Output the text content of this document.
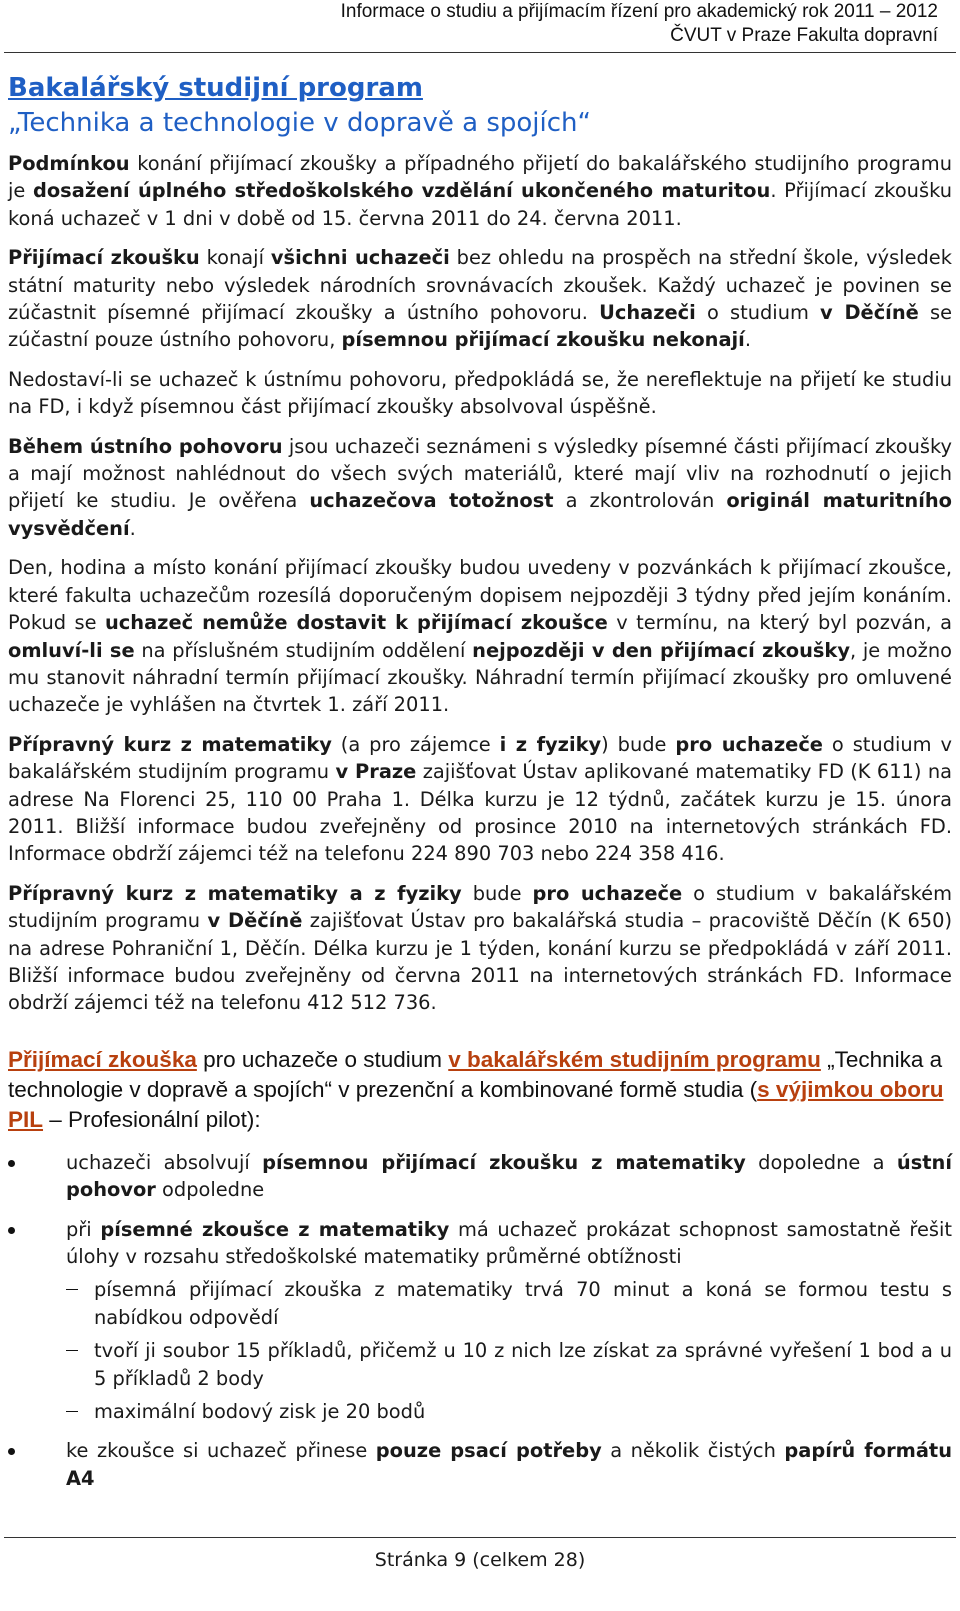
Informace o studiu a přijímacím řízení pro akademický rok 2011 – 2012
ČVUT v Praze Fakulta dopravní
Bakalářský studijní program
„Technika a technologie v dopravě a spojích“

Podmínkou konání přijímací zkoušky a případného přijetí do bakalářského studijního programu je dosažení úplného středoškolského vzdělání ukončeného maturitou. Přijímací zkoušku koná uchazeč v 1 dni v době od 15. června 2011 do 24. června 2011.

Přijímací zkoušku konají všichni uchazeči bez ohledu na prospěch na střední škole, výsledek státní maturity nebo výsledek národních srovnávacích zkoušek. Každý uchazeč je povinen se zúčastnit písemné přijímací zkoušky a ústního pohovoru. Uchazeči o studium v Děčíně se zúčastní pouze ústního pohovoru, písemnou přijímací zkoušku nekonají.

Nedostaví-li se uchazeč k ústnímu pohovoru, předpokládá se, že nereflektuje na přijetí ke studiu na FD, i když písemnou část přijímací zkoušky absolvoval úspěšně.

Během ústního pohovoru jsou uchazeči seznámeni s výsledky písemné části přijímací zkoušky a mají možnost nahlédnout do všech svých materiálů, které mají vliv na rozhodnutí o jejich přijetí ke studiu. Je ověřena uchazečova totožnost a zkontrolován originál maturitního vysvědčení.

Den, hodina a místo konání přijímací zkoušky budou uvedeny v pozvánkách k přijímací zkoušce, které fakulta uchazečům rozesílá doporučeným dopisem nejpozději 3 týdny před jejím konáním. Pokud se uchazeč nemůže dostavit k přijímací zkoušce v termínu, na který byl pozván, a omluví-li se na příslušném studijním oddělení nejpozději v den přijímací zkoušky, je možno mu stanovit náhradní termín přijímací zkoušky. Náhradní termín přijímací zkoušky pro omluvené uchazeče je vyhlášen na čtvrtek 1. září 2011.

Přípravný kurz z matematiky (a pro zájemce i z fyziky) bude pro uchazeče o studium v bakalářském studijním programu v Praze zajišťovat Ústav aplikované matematiky FD (K 611) na adrese Na Florenci 25, 110 00 Praha 1. Délka kurzu je 12 týdnů, začátek kurzu je 15. února 2011. Bližší informace budou zveřejněny od prosince 2010 na internetových stránkách FD. Informace obdrží zájemci též na telefonu 224 890 703 nebo 224 358 416.

Přípravný kurz z matematiky a z fyziky bude pro uchazeče o studium v bakalářském studijním programu v Děčíně zajišťovat Ústav pro bakalářská studia – pracoviště Děčín (K 650) na adrese Pohraniční 1, Děčín. Délka kurzu je 1 týden, konání kurzu se předpokládá v září 2011. Bližší informace budou zveřejněny od června 2011 na internetových stránkách FD. Informace obdrží zájemci též na telefonu 412 512 736.

Přijímací zkouška pro uchazeče o studium v bakalářském studijním programu „Technika a technologie v dopravě a spojích“ v prezenční a kombinované formě studia (s výjimkou oboru PIL – Profesionální pilot):
uchazeči absolvují písemnou přijímací zkoušku z matematiky dopoledne a ústní pohovor odpoledne
při písemné zkoušce z matematiky má uchazeč prokázat schopnost samostatně řešit úlohy v rozsahu středoškolské matematiky průměrné obtížnosti
písemná přijímací zkouška z matematiky trvá 70 minut a koná se formou testu s nabídkou odpovědí
tvoří ji soubor 15 příkladů, přičemž u 10 z nich lze získat za správné vyřešení 1 bod a u 5 příkladů 2 body
maximální bodový zisk je 20 bodů
ke zkoušce si uchazeč přinese pouze psací potřeby a několik čistých papírů formátu A4
Stránka 9 (celkem 28)
